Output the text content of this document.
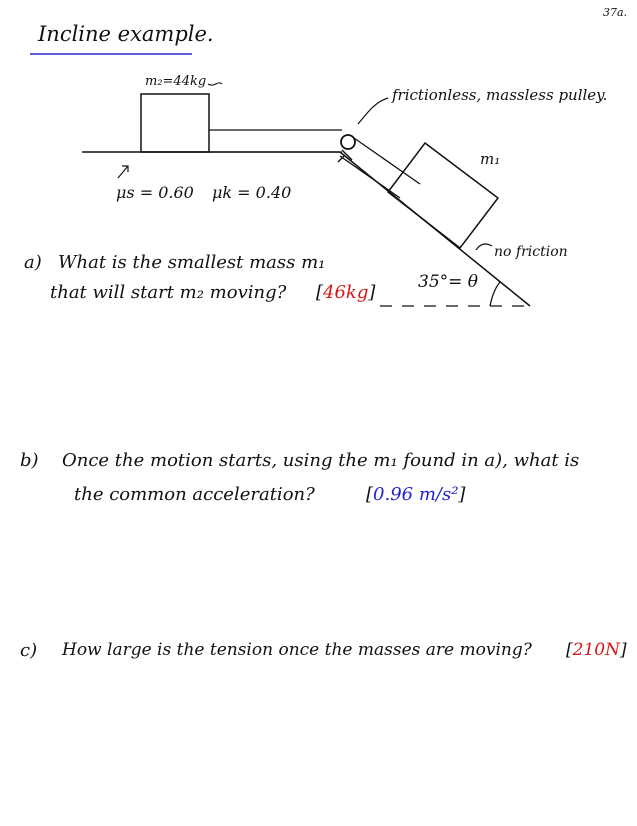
37a.
Incline example.
m₂=44kg
frictionless, massless pulley.
m₁
μs = 0.60 μk = 0.40
no friction
35°= θ
a) What is the smallest mass m₁
that will start m₂ moving? [46kg]
b) Once the motion starts, using the m₁ found in a), what is
the common acceleration?	[0.96 m/s²]
c) How large is the tension once the masses are moving? [210N]
